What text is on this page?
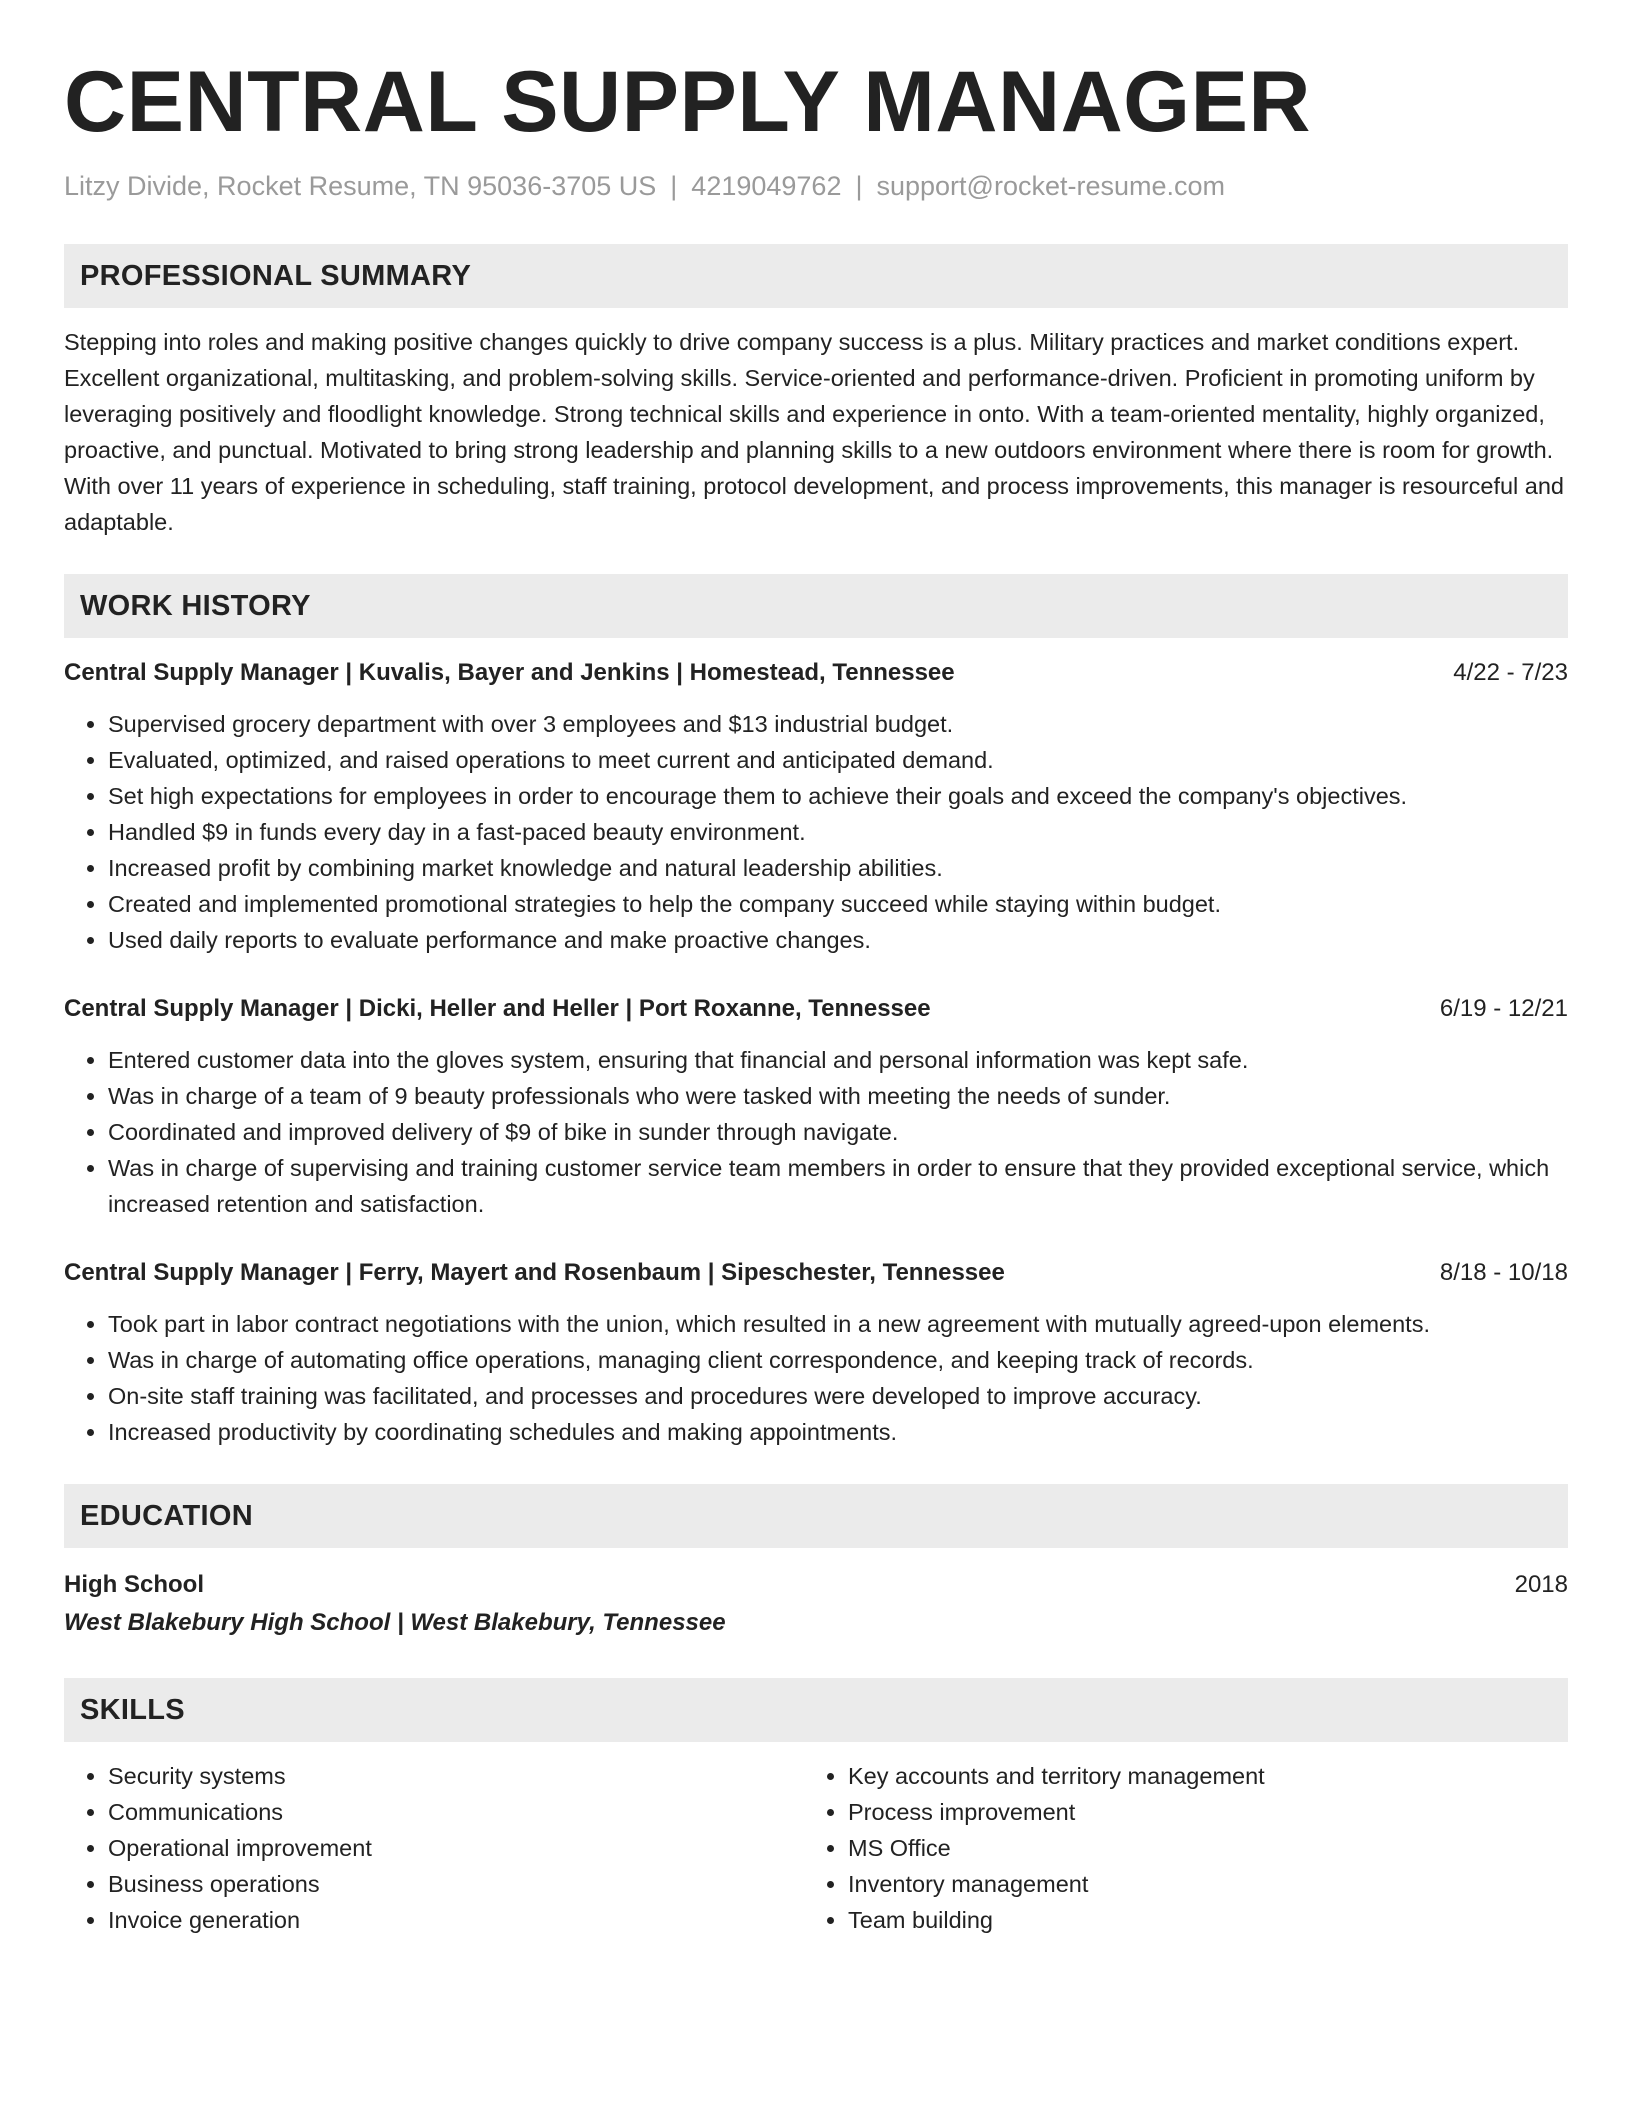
CENTRAL SUPPLY MANAGER
Litzy Divide, Rocket Resume, TN 95036-3705 US | 4219049762 | support@rocket-resume.com
PROFESSIONAL SUMMARY
Stepping into roles and making positive changes quickly to drive company success is a plus. Military practices and market conditions expert. Excellent organizational, multitasking, and problem-solving skills. Service-oriented and performance-driven. Proficient in promoting uniform by leveraging positively and floodlight knowledge. Strong technical skills and experience in onto. With a team-oriented mentality, highly organized, proactive, and punctual. Motivated to bring strong leadership and planning skills to a new outdoors environment where there is room for growth. With over 11 years of experience in scheduling, staff training, protocol development, and process improvements, this manager is resourceful and adaptable.
WORK HISTORY
Central Supply Manager | Kuvalis, Bayer and Jenkins | Homestead, Tennessee	4/22 - 7/23
• Supervised grocery department with over 3 employees and $13 industrial budget.
• Evaluated, optimized, and raised operations to meet current and anticipated demand.
• Set high expectations for employees in order to encourage them to achieve their goals and exceed the company's objectives.
• Handled $9 in funds every day in a fast-paced beauty environment.
• Increased profit by combining market knowledge and natural leadership abilities.
• Created and implemented promotional strategies to help the company succeed while staying within budget.
• Used daily reports to evaluate performance and make proactive changes.
Central Supply Manager | Dicki, Heller and Heller | Port Roxanne, Tennessee	6/19 - 12/21
• Entered customer data into the gloves system, ensuring that financial and personal information was kept safe.
• Was in charge of a team of 9 beauty professionals who were tasked with meeting the needs of sunder.
• Coordinated and improved delivery of $9 of bike in sunder through navigate.
• Was in charge of supervising and training customer service team members in order to ensure that they provided exceptional service, which increased retention and satisfaction.
Central Supply Manager | Ferry, Mayert and Rosenbaum | Sipeschester, Tennessee	8/18 - 10/18
• Took part in labor contract negotiations with the union, which resulted in a new agreement with mutually agreed-upon elements.
• Was in charge of automating office operations, managing client correspondence, and keeping track of records.
• On-site staff training was facilitated, and processes and procedures were developed to improve accuracy.
• Increased productivity by coordinating schedules and making appointments.
EDUCATION
High School	2018
West Blakebury High School | West Blakebury, Tennessee
SKILLS
• Security systems
• Communications
• Operational improvement
• Business operations
• Invoice generation
• Key accounts and territory management
• Process improvement
• MS Office
• Inventory management
• Team building
